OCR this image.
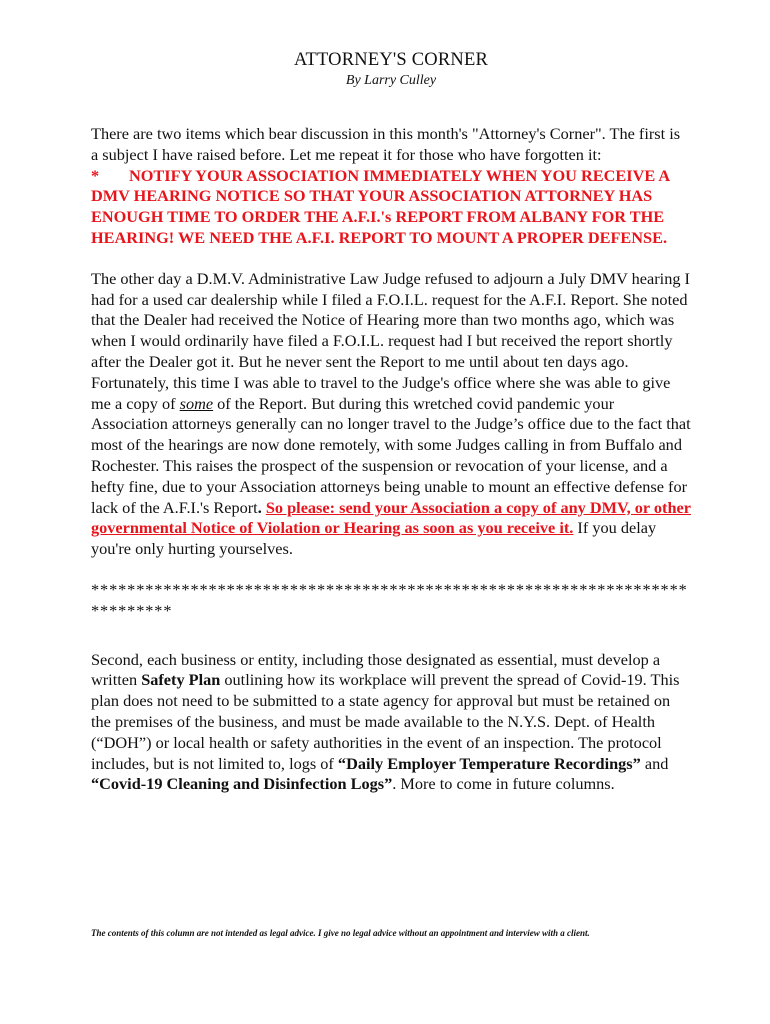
ATTORNEY'S CORNER

By Larry Culley

There are two items which bear discussion in this month's "Attorney's Corner". The first is a subject I have raised before. Let me repeat it for those who have forgotten it:

* NOTIFY YOUR ASSOCIATION IMMEDIATELY WHEN YOU RECEIVE A DMV HEARING NOTICE SO THAT YOUR ASSOCIATION ATTORNEY HAS ENOUGH TIME TO ORDER THE A.F.I.'s REPORT FROM ALBANY FOR THE HEARING! WE NEED THE A.F.I. REPORT TO MOUNT A PROPER DEFENSE.

The other day a D.M.V. Administrative Law Judge refused to adjourn a July DMV hearing I had for a used car dealership while I filed a F.O.I.L. request for the A.F.I. Report. She noted that the Dealer had received the Notice of Hearing more than two months ago, which was when I would ordinarily have filed a F.O.I.L. request had I but received the report shortly after the Dealer got it. But he never sent the Report to me until about ten days ago. Fortunately, this time I was able to travel to the Judge's office where she was able to give me a copy of some of the Report. But during this wretched covid pandemic your Association attorneys generally can no longer travel to the Judge’s office due to the fact that most of the hearings are now done remotely, with some Judges calling in from Buffalo and Rochester. This raises the prospect of the suspension or revocation of your license, and a hefty fine, due to your Association attorneys being unable to mount an effective defense for lack of the A.F.I.'s Report. So please: send your Association a copy of any DMV, or other governmental Notice of Violation or Hearing as soon as you receive it. If you delay you're only hurting yourselves.

***************************************************************************

Second, each business or entity, including those designated as essential, must develop a written Safety Plan outlining how its workplace will prevent the spread of Covid-19. This plan does not need to be submitted to a state agency for approval but must be retained on the premises of the business, and must be made available to the N.Y.S. Dept. of Health (“DOH”) or local health or safety authorities in the event of an inspection. The protocol includes, but is not limited to, logs of “Daily Employer Temperature Recordings” and “Covid-19 Cleaning and Disinfection Logs”. More to come in future columns.

The contents of this column are not intended as legal advice. I give no legal advice without an appointment and interview with a client.
